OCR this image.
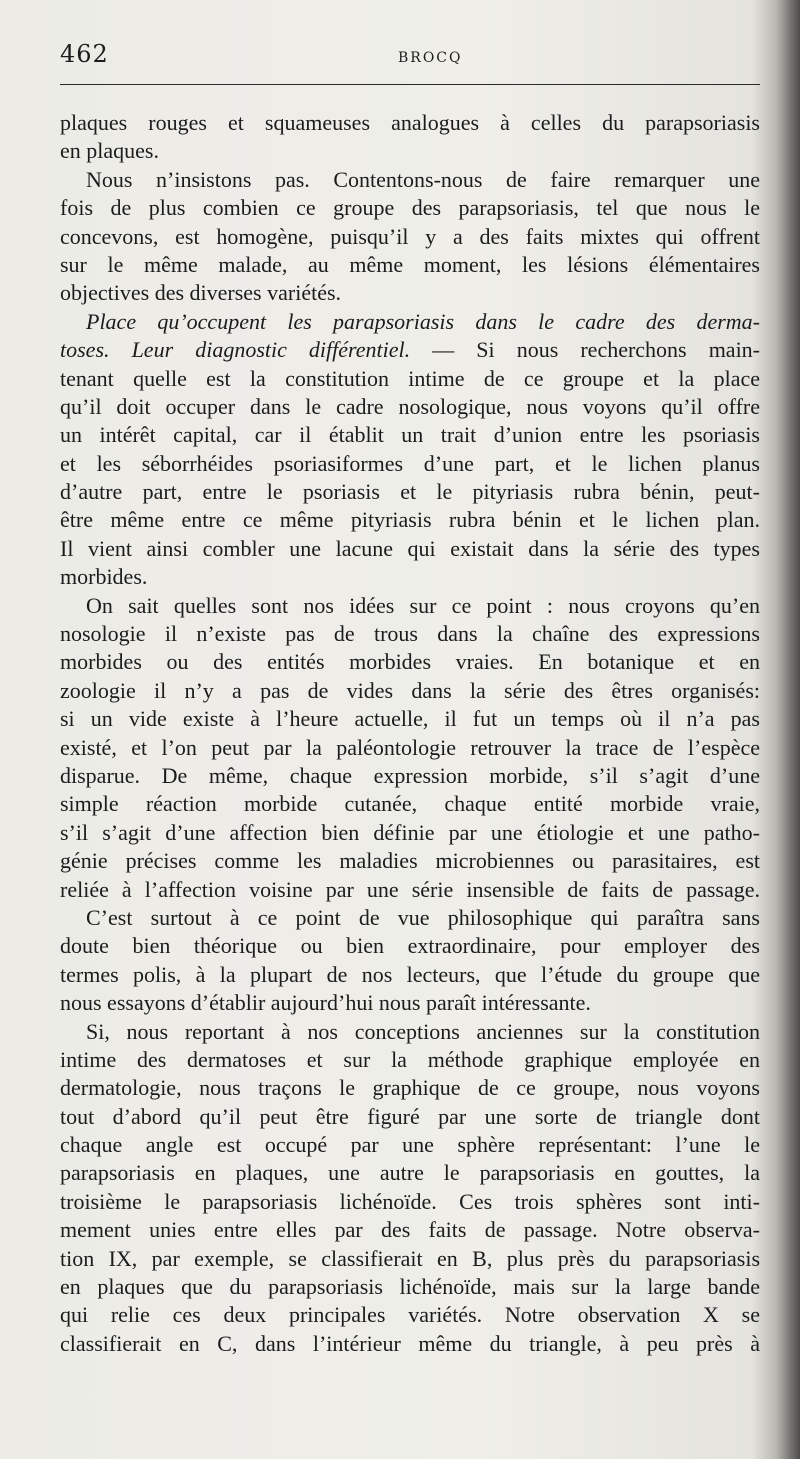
462	BROCQ
plaques rouges et squameuses analogues à celles du parapsoriasis
en plaques.
Nous n’insistons pas. Contentons-nous de faire remarquer une
fois de plus combien ce groupe des parapsoriasis, tel que nous le
concevons, est homogène, puisqu’il y a des faits mixtes qui offrent
sur le même malade, au même moment, les lésions élémentaires
objectives des diverses variétés.
Place qu’occupent les parapsoriasis dans le cadre des derma-
toses. Leur diagnostic différentiel. — Si nous recherchons main-
tenant quelle est la constitution intime de ce groupe et la place
qu’il doit occuper dans le cadre nosologique, nous voyons qu’il offre
un intérêt capital, car il établit un trait d’union entre les psoriasis
et les séborrhéides psoriasiformes d’une part, et le lichen planus
d’autre part, entre le psoriasis et le pityriasis rubra bénin, peut-
être même entre ce même pityriasis rubra bénin et le lichen plan.
Il vient ainsi combler une lacune qui existait dans la série des types
morbides.
On sait quelles sont nos idées sur ce point : nous croyons qu’en
nosologie il n’existe pas de trous dans la chaîne des expressions
morbides ou des entités morbides vraies. En botanique et en
zoologie il n’y a pas de vides dans la série des êtres organisés:
si un vide existe à l’heure actuelle, il fut un temps où il n’a pas
existé, et l’on peut par la paléontologie retrouver la trace de l’espèce
disparue. De même, chaque expression morbide, s’il s’agit d’une
simple réaction morbide cutanée, chaque entité morbide vraie,
s’il s’agit d’une affection bien définie par une étiologie et une patho-
génie précises comme les maladies microbiennes ou parasitaires, est
reliée à l’affection voisine par une série insensible de faits de passage.
C’est surtout à ce point de vue philosophique qui paraîtra sans
doute bien théorique ou bien extraordinaire, pour employer des
termes polis, à la plupart de nos lecteurs, que l’étude du groupe que
nous essayons d’établir aujourd’hui nous paraît intéressante.
Si, nous reportant à nos conceptions anciennes sur la constitution
intime des dermatoses et sur la méthode graphique employée en
dermatologie, nous traçons le graphique de ce groupe, nous voyons
tout d’abord qu’il peut être figuré par une sorte de triangle dont
chaque angle est occupé par une sphère représentant: l’une le
parapsoriasis en plaques, une autre le parapsoriasis en gouttes, la
troisième le parapsoriasis lichénoïde. Ces trois sphères sont inti-
mement unies entre elles par des faits de passage. Notre observa-
tion IX, par exemple, se classifierait en B, plus près du parapsoriasis
en plaques que du parapsoriasis lichénoïde, mais sur la large bande
qui relie ces deux principales variétés. Notre observation X se
classifierait en C, dans l’intérieur même du triangle, à peu près à
